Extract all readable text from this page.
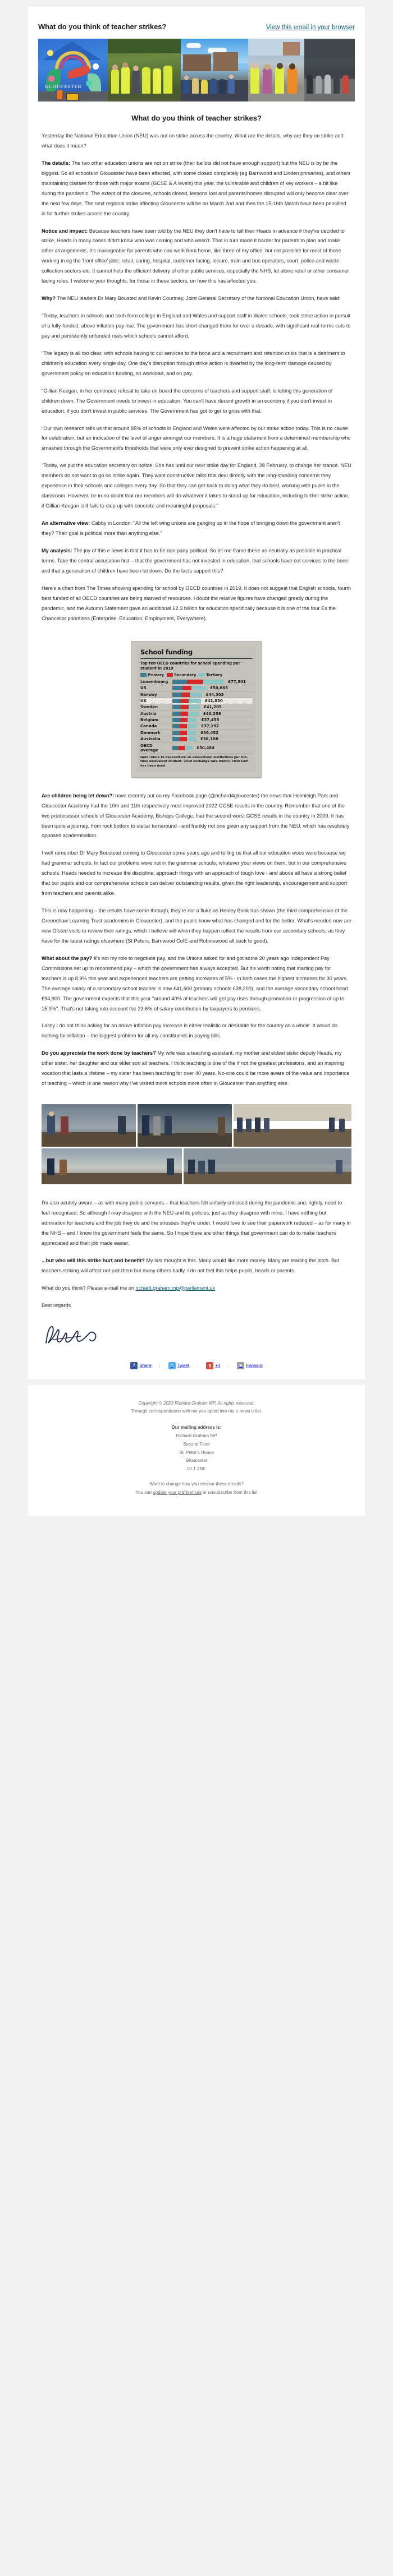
What do you think of teacher strikes?	View this email in your browser
GLOUCESTER
What do you think of teacher strikes?

Yesterday the National Education Union (NEU) was out on strike across the country. What are the details, why are they on strike and what does it mean?

The details: The two other education unions are not on strike (their ballots did not have enough support) but the NEU is by far the biggest. So all schools in Gloucester have been affected, with some closed completely (eg Barnwood and Linden primaries), and others maintaining classes for those with major exams (GCSE & A levels) this year, the vulnerable and children of key workers – a bit like during the pandemic. The extent of the closures, schools closed, lessons lost and parents/homes disrupted will only become clear over the next few days. The next regional strike affecting Gloucester will be on March 2nd and then the 15-16th March have been pencilled in for further strikes across the country.

Notice and impact: Because teachers have been told by the NEU they don't have to tell their Heads in advance if they've decided to strike, Heads in many cases didn't know who was coming and who wasn't. That in turn made it harder for parents to plan and make other arrangements. It's manageable for parents who can work from home, like three of my office, but not possible for most of those working in eg the 'front office' jobs: retail, caring, hospital, customer facing, leisure, train and bus operators, court, police and waste collection sectors etc. It cannot help the efficient delivery of other public services, especially the NHS, let alone retail or other consumer facing roles. I welcome your thoughts, for those in these sectors, on how this has affected you.

Why? The NEU leaders Dr Mary Bousted and Kevin Courtney, Joint General Secretary of the National Education Union, have said:

"Today, teachers in schools and sixth form college in England and Wales and support staff in Wales schools, took strike action in pursuit of a fully-funded, above inflation pay rise. The government has short-changed them for over a decade, with significant real-terms cuts to pay and persistently unfunded rises which schools cannot afford.

"The legacy is all too clear, with schools having to cut services to the bone and a recruitment and retention crisis that is a detriment to children's education every single day. One day's disruption through strike action is dwarfed by the long-term damage caused by government policy on education funding, on workload, and on pay.

"Gillian Keegan, in her continued refusal to take on board the concerns of teachers and support staff, is letting this generation of children down. The Government needs to invest in education. You can't have decent growth in an economy if you don't invest in education, if you don't invest in public services. The Government has got to get to grips with that.

"Our own research tells us that around 85% of schools in England and Wales were affected by our strike action today. This is no cause for celebration, but an indication of the level of anger amongst our members. It is a huge statement from a determined membership who smashed through the Government's thresholds that were only ever designed to prevent strike action happening at all.

"Today, we put the education secretary on notice. She has until our next strike day for England, 28 February, to change her stance. NEU members do not want to go on strike again. They want constructive talks that deal directly with the long-standing concerns they experience in their schools and colleges every day. So that they can get back to doing what they do best, working with pupils in the classroom. However, be in no doubt that our members will do whatever it takes to stand up for education, including further strike action, if Gillian Keegan still fails to step up with concrete and meaningful proposals."

An alternative view: Cabby in London: "All the left wing unions are ganging up in the hope of bringing down the government aren't they? Their goal is political more than anything else."

My analysis: The joy of this e news is that it has to be non party political. So let me frame these as neutrally as possible in practical terms. Take the central accusation first – that the government has not invested in education, that schools have cut services to the bone and that a generation of children have been let down. Do the facts support this?

Here's a chart from The Times showing spending for school by OECD countries in 2019. It does not suggest that English schools, fourth best funded of all OECD countries are being starved of resources. I doubt the relative figures have changed greatly during the pandemic, and the Autumn Statement gave an additional £2.3 billion for education specifically because it is one of the four Es the Chancellor prioritises (Enterprise, Education, Employment, Everywhere).

School funding
Top ten OECD countries for school spending per student in 2019
Primary	Secondary	Tertiary
Luxembourg	£77,501
US	£50,665
Norway	£44,303
UK	£42,830
Sweden	£41,205
Austria	£40,358
Belgium	£37,458
Canada	£37,192
Denmark	£36,452
Australia	£36,108
OECD average	£30,464
Data refers to expenditure on educational institutions per full-time equivalent student. 2019 exchange rate USD=0.7835 GBP has been used

Are children being let down?I have recently put on my Facebook page (@richard4gloucester) the news that Holmleigh Park and Gloucester Academy had the 10th and 11th respectively most improved 2022 GCSE results in the country. Remember that one of the two predecessor schools of Gloucester Academy, Bishops College, had the second worst GCSE results in the country in 2009. It has been quite a journey, from rock bottom to stellar turnaround - and frankly not one given any support from the NEU, which has resolutely opposed academisation.

I well remember Dr Mary Boustead coming to Gloucester some years ago and telling us that all our education woes were because we had grammar schools. In fact our problems were not in the grammar schools, whatever your views on them, but in our comprehensive schools. Heads needed to increase the discipline, approach things with an approach of tough love - and above all have a strong belief that our pupils and our comprehensive schools can deliver outstanding results, given the right leadership, encouragement and support from teachers and parents alike.

This is now happening – the results have come through, they're not a fluke as Henley Bank has shown (the third comprehensive of the Greenshaw Learning Trust academies in Gloucester), and the pupils know what has changed and for the better. What's needed now are new Ofsted visits to review their ratings, which I believe will when they happen reflect the results from our secondary schools, as they have for the latest ratings elsewhere (St Peters, Barnwood CofE and Robinswood all back to good).

What about the pay? It's not my role to negotiate pay, and the Unions asked for and got some 20 years ago Independent Pay Commissions set up to recommend pay – which the government has always accepted. But it's worth noting that starting pay for teachers is up 8.9% this year and experienced teachers are getting increases of 5% - in both cases the highest increases for 30 years. The average salary of a secondary school teacher is now £41,600 (primary schools £38,200), and the average secondary school head £94,900. The government expects that this year "around 40% of teachers will get pay rises through promotion or progression of up to 15.9%". That's not taking into account the 23.6% of salary contribution by taxpayers to pensions.

Lastly I do not think asking for an above inflation pay increase is either realistic or desirable for the country as a whole. It would do nothing for inflation – the biggest problem for all my constituents in paying bills.

Do you appreciate the work done by teachers? My wife was a teaching assistant, my mother and eldest sister deputy Heads, my other sister, her daughter and our elder son all teachers. I think teaching is one of the if not the greatest professions, and an inspiring vocation that lasts a lifetime – my sister has been teaching for over 40 years. No-one could be more aware of the value and importance of teaching – which is one reason why I've visited more schools more often in Gloucester than anything else.

I'm also acutely aware – as with many public servants – that teachers felt unfairly criticised during the pandemic and, rightly, need to feel recognised. So although I may disagree with the NEU and its policies, just as they disagree with mine, I have nothing but admiration for teachers and the job they do and the stresses they're under. I would love to see their paperwork reduced – as for many in the NHS – and I know the government feels the same. So I hope there are other things that government can do to make teachers appreciated and their job made easier.

...but who will this strike hurt and benefit? My last thought is this. Many would like more money. Many are leading the pitch. But teachers striking will affect not just them but many others badly. I do not feel this helps pupils, heads or parents.

What do you think? Please e-mail me on richard.graham.mp@parliament.uk

Best regards

f	Share |	t	Tweet |	g +1 |	➤ Forward
Copyright © 2023 Richard Graham MP, All rights reserved.
Through correspondence with me you opted into my e-news letter.
Our mailing address is:
Richard Graham MP
Second Floor
St. Peter's House
Gloucester
GL1 2NE
Want to change how you receive these emails?
You can update your preferences or unsubscribe from this list
